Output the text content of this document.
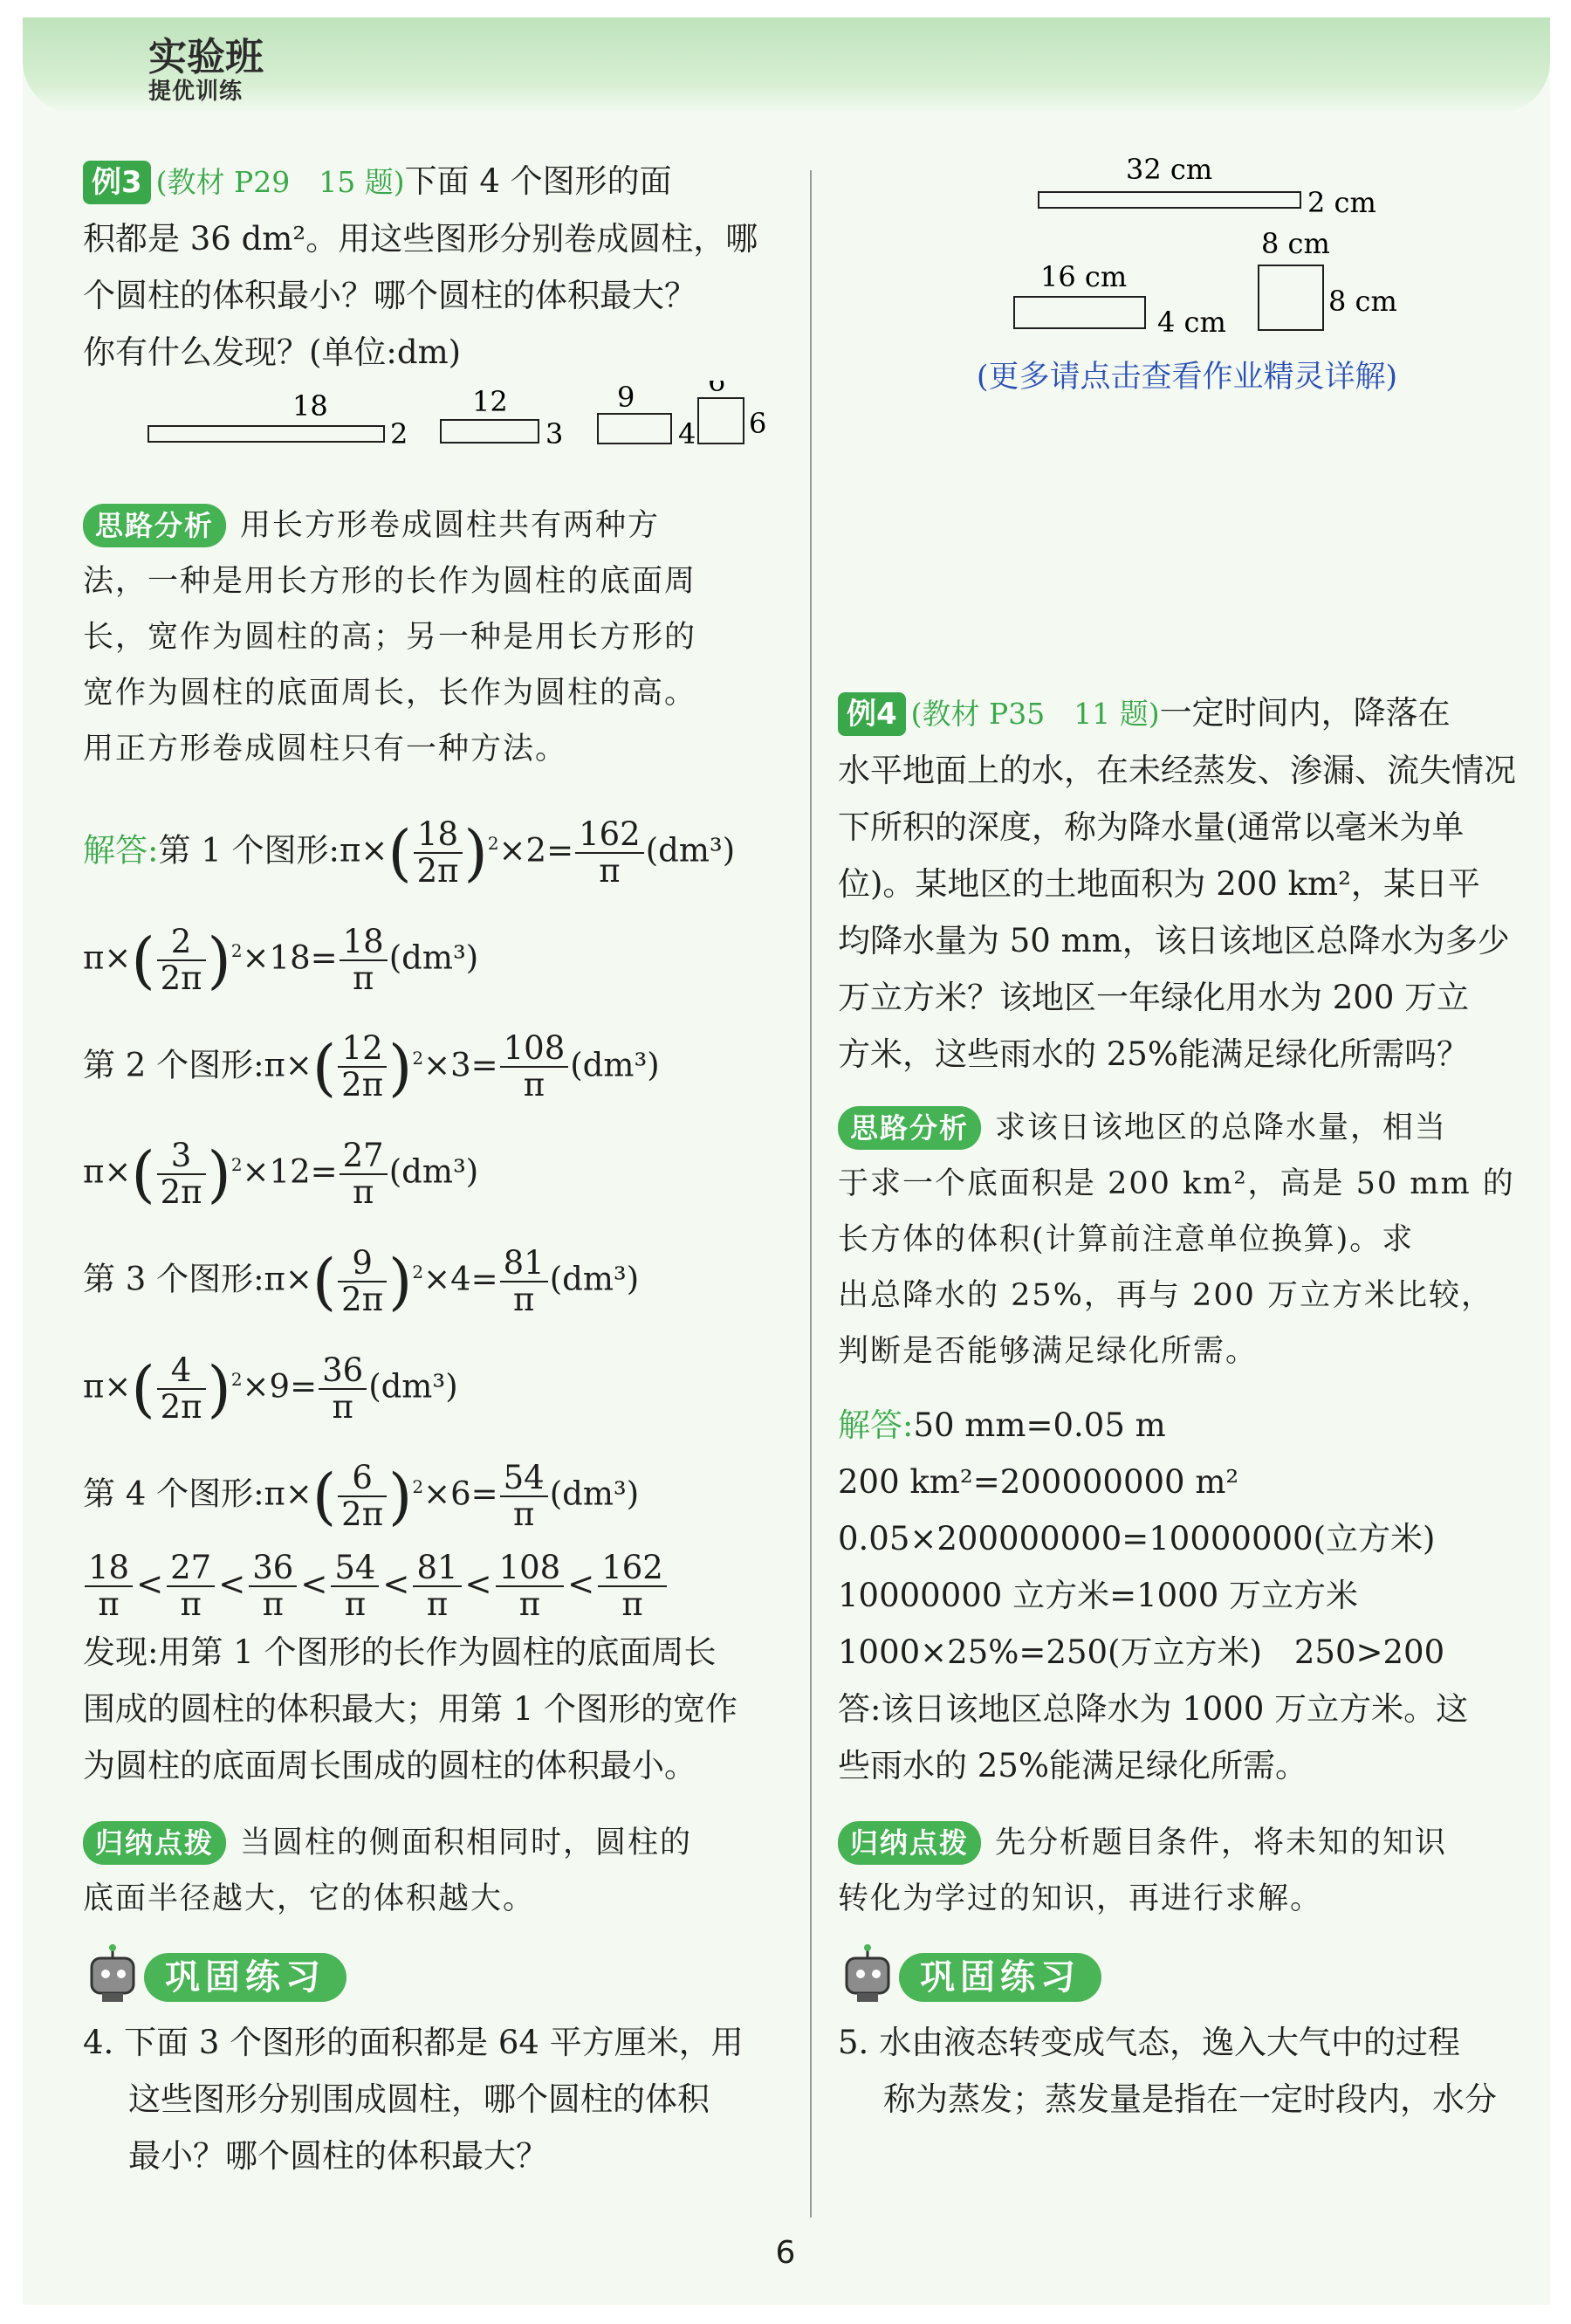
实验班
提优训练

例3 (教材 P29　15 题)下面 4 个图形的面

积都是 36 dm²。用这些图形分别卷成圆柱，哪

个圆柱的体积最小？哪个圆柱的体积最大？

你有什么发现？(单位:dm)

18
2
12
3
9
4
6
6
思路分析 用长方形卷成圆柱共有两种方
法，一种是用长方形的长作为圆柱的底面周
长，宽作为圆柱的高；另一种是用长方形的
宽作为圆柱的底面周长，长作为圆柱的高。
用正方形卷成圆柱只有一种方法。
解答:第 1 个图形:π×( $\frac{18}{2\pi} )^2\times 2= \frac{162}{\pi} (dm^3)$
$\pi\times( \frac{2}{2\pi} )^2\times 18= \frac{18}{\pi} (dm^3)$
第 2 个图形:π×( $\frac{12}{2\pi} )^2\times 3= \frac{108}{\pi} (dm^3)$
$\pi\times( \frac{3}{2\pi} )^2\times 12= \frac{27}{\pi} (dm^3)$
第 3 个图形:π×( $\frac{9}{2\pi} )^2\times 4= \frac{81}{\pi} (dm^3)$
$\pi\times( \frac{4}{2\pi} )^2\times 9= \frac{36}{\pi} (dm^3)$
第 4 个图形:π×( $\frac{6}{2\pi} )^2\times 6= \frac{54}{\pi} (dm^3)$
$\frac{18}{\pi} < \frac{27}{\pi} < \frac{36}{\pi} < \frac{54}{\pi} < \frac{81}{\pi} < \frac{108}{\pi} < \frac{162}{\pi}$

发现:用第 1 个图形的长作为圆柱的底面周长

围成的圆柱的体积最大；用第 1 个图形的宽作

为圆柱的底面周长围成的圆柱的体积最小。

归纳点拨 当圆柱的侧面积相同时，圆柱的
底面半径越大，它的体积越大。
巩固练习

4. 下面 3 个图形的面积都是 64 平方厘米，用

这些图形分别围成圆柱，哪个圆柱的体积

最小？哪个圆柱的体积最大？

32 cm
2 cm
16 cm
4 cm
8 cm
8 cm
(更多请点击查看作业精灵详解)

例4 (教材 P35　11 题)一定时间内，降落在

水平地面上的水，在未经蒸发、渗漏、流失情况

下所积的深度，称为降水量(通常以毫米为单

位)。某地区的土地面积为 200 km²，某日平

均降水量为 50 mm，该日该地区总降水为多少

万立方米？该地区一年绿化用水为 200 万立

方米，这些雨水的 25%能满足绿化所需吗？

思路分析 求该日该地区的总降水量，相当
于求一个底面积是 200 km²，高是 50 mm 的
长方体的体积(计算前注意单位换算)。求
出总降水的 25%，再与 200 万立方米比较，
判断是否能够满足绿化所需。

解答:50 mm=0.05 m

200 km²=200000000 m²

0.05×200000000=10000000(立方米)

10000000 立方米=1000 万立方米

1000×25%=250(万立方米)　250>200

答:该日该地区总降水为 1000 万立方米。这

些雨水的 25%能满足绿化所需。

归纳点拨 先分析题目条件，将未知的知识
转化为学过的知识，再进行求解。
巩固练习

5. 水由液态转变成气态，逸入大气中的过程

称为蒸发；蒸发量是指在一定时段内，水分

6
